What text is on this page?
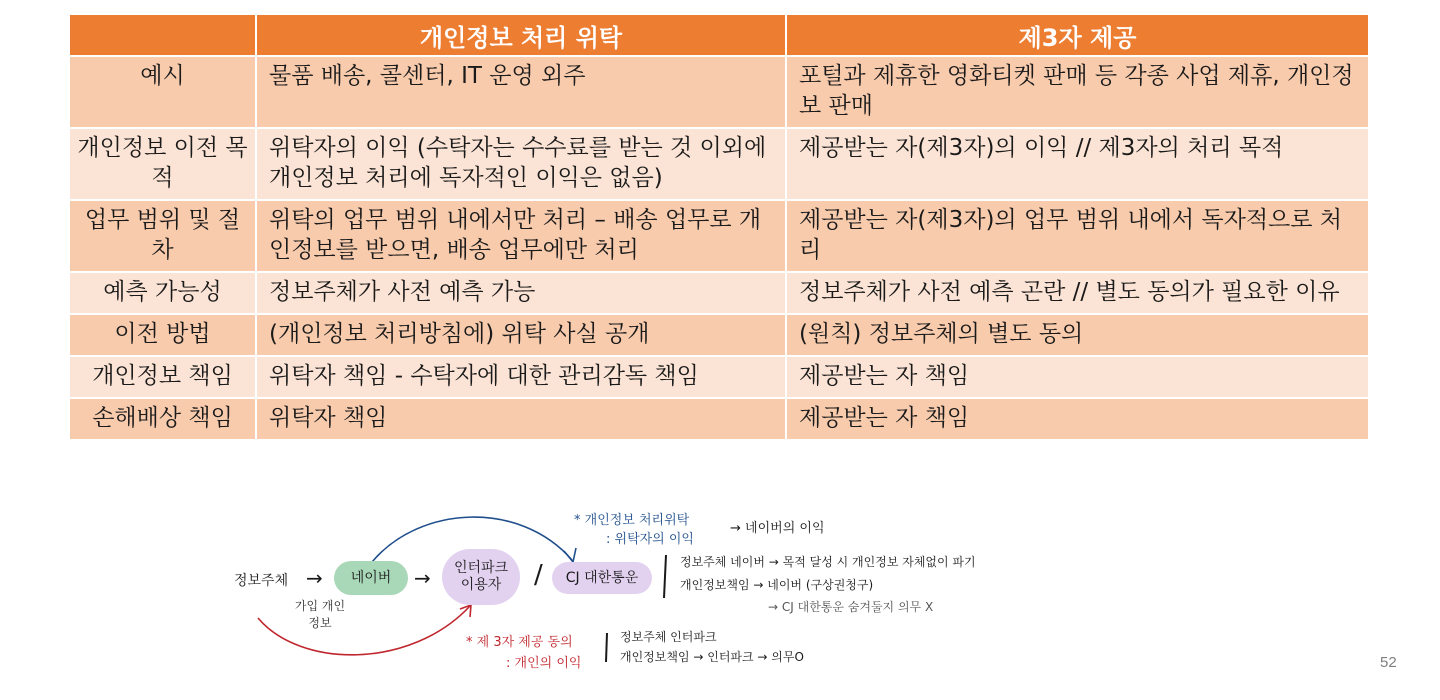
	개인정보 처리 위탁	제3자 제공
예시	물품 배송, 콜센터, IT 운영 외주	포털과 제휴한 영화티켓 판매 등 각종 사업 제휴, 개인정보 판매
개인정보 이전 목적	위탁자의 이익 (수탁자는 수수료를 받는 것 이외에 개인정보 처리에 독자적인 이익은 없음)	제공받는 자(제3자)의 이익 // 제3자의 처리 목적
업무 범위 및 절차	위탁의 업무 범위 내에서만 처리 – 배송 업무로 개인정보를 받으면, 배송 업무에만 처리	제공받는 자(제3자)의 업무 범위 내에서 독자적으로 처리
예측 가능성	정보주체가 사전 예측 가능	정보주체가 사전 예측 곤란 // 별도 동의가 필요한 이유
이전 방법	(개인정보 처리방침에) 위탁 사실 공개	(원칙) 정보주체의 별도 동의
개인정보 책임	위탁자 책임 - 수탁자에 대한 관리감독 책임	제공받는 자 책임
손해배상 책임	위탁자 책임	제공받는 자 책임
정보주체 → 네이버 → 인터파크 이용자	/ CJ 대한통운
가입 개인정보
* 개인정보 처리위탁
: 위탁자의 이익
→ 네이버의 이익
정보주체 네이버 → 목적 달성 시 개인정보 자체없이 파기
개인정보책임 → 네이버 (구상권청구)
→ CJ 대한통운 숨겨둘지 의무 X
* 제 3자 제공 동의
: 개인의 이익
정보주체 인터파크
개인정보책임 → 인터파크 → 의무O	52
